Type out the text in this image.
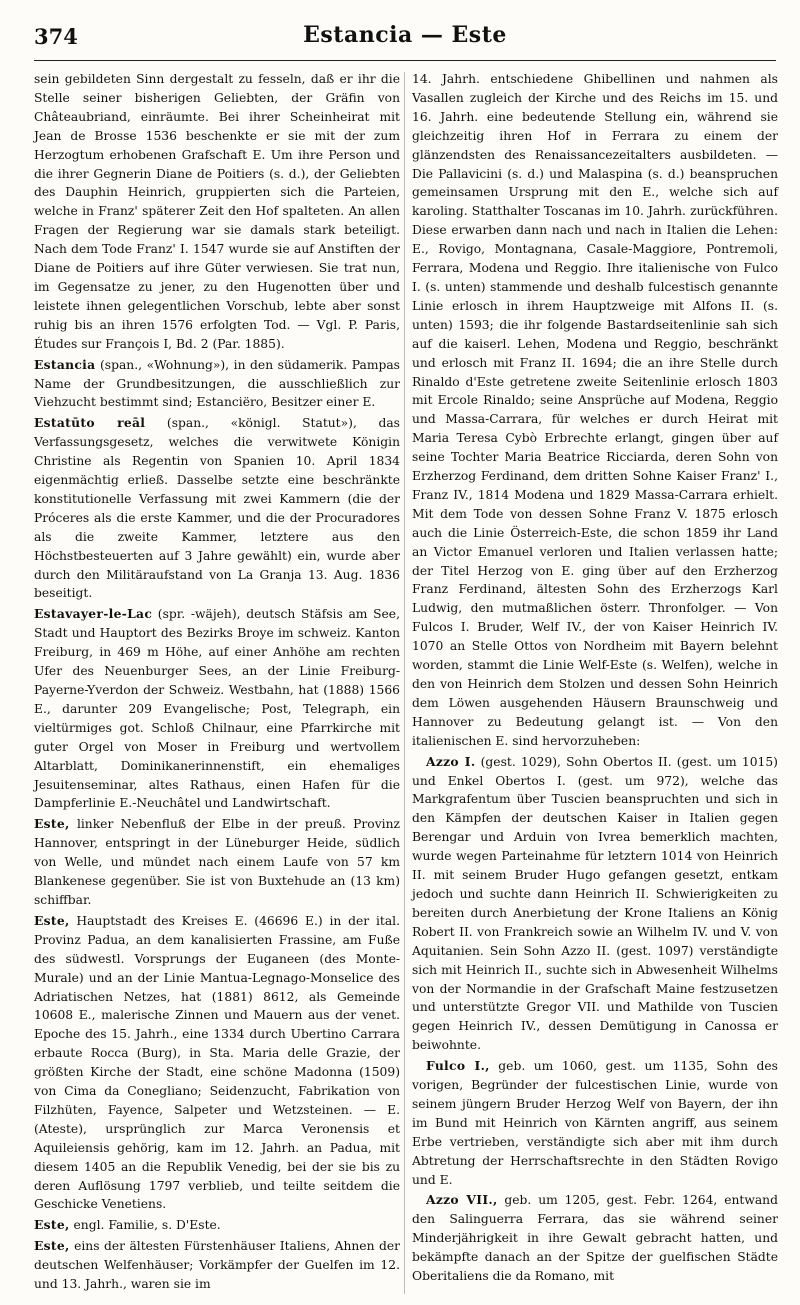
374	Estancia — Este

sein gebildeten Sinn dergestalt zu fesseln, daß er ihr die Stelle seiner bisherigen Geliebten, der Gräfin von Châteaubriand, einräumte. Bei ihrer Scheinheirat mit Jean de Brosse 1536 beschenkte er sie mit der zum Herzogtum erhobenen Grafschaft E. Um ihre Person und die ihrer Gegnerin Diane de Poitiers (s. d.), der Geliebten des Dauphin Heinrich, gruppierten sich die Parteien, welche in Franz' späterer Zeit den Hof spalteten. An allen Fragen der Regierung war sie damals stark beteiligt. Nach dem Tode Franz' I. 1547 wurde sie auf Anstiften der Diane de Poitiers auf ihre Güter verwiesen. Sie trat nun, im Gegensatze zu jener, zu den Hugenotten über und leistete ihnen gelegentlichen Vorschub, lebte aber sonst ruhig bis an ihren 1576 erfolgten Tod. — Vgl. P. Paris, Études sur François I, Bd. 2 (Par. 1885).

Estancia (span., «Wohnung»), in den südamerik. Pampas Name der Grundbesitzungen, die ausschließlich zur Viehzucht bestimmt sind; Estanciëro, Besitzer einer E.

Estatūto reāl (span., «königl. Statut»), das Verfassungsgesetz, welches die verwitwete Königin Christine als Regentin von Spanien 10. April 1834 eigenmächtig erließ. Dasselbe setzte eine beschränkte konstitutionelle Verfassung mit zwei Kammern (die der Próceres als die erste Kammer, und die der Procuradores als die zweite Kammer, letztere aus den Höchstbesteuerten auf 3 Jahre gewählt) ein, wurde aber durch den Militäraufstand von La Granja 13. Aug. 1836 beseitigt.

Estavayer-le-Lac (spr. -wäjeh), deutsch Stäfsis am See, Stadt und Hauptort des Bezirks Broye im schweiz. Kanton Freiburg, in 469 m Höhe, auf einer Anhöhe am rechten Ufer des Neuenburger Sees, an der Linie Freiburg-Payerne-Yverdon der Schweiz. Westbahn, hat (1888) 1566 E., darunter 209 Evangelische; Post, Telegraph, ein vieltürmiges got. Schloß Chilnaur, eine Pfarrkirche mit guter Orgel von Moser in Freiburg und wertvollem Altarblatt, Dominikanerinnenstift, ein ehemaliges Jesuitenseminar, altes Rathaus, einen Hafen für die Dampferlinie E.-Neuchâtel und Landwirtschaft.

Este, linker Nebenfluß der Elbe in der preuß. Provinz Hannover, entspringt in der Lüneburger Heide, südlich von Welle, und mündet nach einem Laufe von 57 km Blankenese gegenüber. Sie ist von Buxtehude an (13 km) schiffbar.

Este, Hauptstadt des Kreises E. (46696 E.) in der ital. Provinz Padua, an dem kanalisierten Frassine, am Fuße des südwestl. Vorsprungs der Euganeen (des Monte-Murale) und an der Linie Mantua-Legnago-Monselice des Adriatischen Netzes, hat (1881) 8612, als Gemeinde 10608 E., malerische Zinnen und Mauern aus der venet. Epoche des 15. Jahrh., eine 1334 durch Ubertino Carrara erbaute Rocca (Burg), in Sta. Maria delle Grazie, der größten Kirche der Stadt, eine schöne Madonna (1509) von Cima da Conegliano; Seidenzucht, Fabrikation von Filzhüten, Fayence, Salpeter und Wetzsteinen. — E. (Ateste), ursprünglich zur Marca Veronensis et Aquileiensis gehörig, kam im 12. Jahrh. an Padua, mit diesem 1405 an die Republik Venedig, bei der sie bis zu deren Auflösung 1797 verblieb, und teilte seitdem die Geschicke Venetiens.

Este, engl. Familie, s. D'Este.

Este, eins der ältesten Fürstenhäuser Italiens, Ahnen der deutschen Welfenhäuser; Vorkämpfer der Guelfen im 12. und 13. Jahrh., waren sie im

14. Jahrh. entschiedene Ghibellinen und nahmen als Vasallen zugleich der Kirche und des Reichs im 15. und 16. Jahrh. eine bedeutende Stellung ein, während sie gleichzeitig ihren Hof in Ferrara zu einem der glänzendsten des Renaissancezeitalters ausbildeten. — Die Pallavicini (s. d.) und Malaspina (s. d.) beanspruchen gemeinsamen Ursprung mit den E., welche sich auf karoling. Statthalter Toscanas im 10. Jahrh. zurückführen. Diese erwarben dann nach und nach in Italien die Lehen: E., Rovigo, Montagnana, Casale-Maggiore, Pontremoli, Ferrara, Modena und Reggio. Ihre italienische von Fulco I. (s. unten) stammende und deshalb fulcestisch genannte Linie erlosch in ihrem Hauptzweige mit Alfons II. (s. unten) 1593; die ihr folgende Bastardseitenlinie sah sich auf die kaiserl. Lehen, Modena und Reggio, beschränkt und erlosch mit Franz II. 1694; die an ihre Stelle durch Rinaldo d'Este getretene zweite Seitenlinie erlosch 1803 mit Ercole Rinaldo; seine Ansprüche auf Modena, Reggio und Massa-Carrara, für welches er durch Heirat mit Maria Teresa Cybò Erbrechte erlangt, gingen über auf seine Tochter Maria Beatrice Ricciarda, deren Sohn von Erzherzog Ferdinand, dem dritten Sohne Kaiser Franz' I., Franz IV., 1814 Modena und 1829 Massa-Carrara erhielt. Mit dem Tode von dessen Sohne Franz V. 1875 erlosch auch die Linie Österreich-Este, die schon 1859 ihr Land an Victor Emanuel verloren und Italien verlassen hatte; der Titel Herzog von E. ging über auf den Erzherzog Franz Ferdinand, ältesten Sohn des Erzherzogs Karl Ludwig, den mutmaßlichen österr. Thronfolger. — Von Fulcos I. Bruder, Welf IV., der von Kaiser Heinrich IV. 1070 an Stelle Ottos von Nordheim mit Bayern belehnt worden, stammt die Linie Welf-Este (s. Welfen), welche in den von Heinrich dem Stolzen und dessen Sohn Heinrich dem Löwen ausgehenden Häusern Braunschweig und Hannover zu Bedeutung gelangt ist. — Von den italienischen E. sind hervorzuheben:

Azzo I. (gest. 1029), Sohn Obertos II. (gest. um 1015) und Enkel Obertos I. (gest. um 972), welche das Markgrafentum über Tuscien beanspruchten und sich in den Kämpfen der deutschen Kaiser in Italien gegen Berengar und Arduin von Ivrea bemerklich machten, wurde wegen Parteinahme für letztern 1014 von Heinrich II. mit seinem Bruder Hugo gefangen gesetzt, entkam jedoch und suchte dann Heinrich II. Schwierigkeiten zu bereiten durch Anerbietung der Krone Italiens an König Robert II. von Frankreich sowie an Wilhelm IV. und V. von Aquitanien. Sein Sohn Azzo II. (gest. 1097) verständigte sich mit Heinrich II., suchte sich in Abwesenheit Wilhelms von der Normandie in der Grafschaft Maine festzusetzen und unterstützte Gregor VII. und Mathilde von Tuscien gegen Heinrich IV., dessen Demütigung in Canossa er beiwohnte.

Fulco I., geb. um 1060, gest. um 1135, Sohn des vorigen, Begründer der fulcestischen Linie, wurde von seinem jüngern Bruder Herzog Welf von Bayern, der ihn im Bund mit Heinrich von Kärnten angriff, aus seinem Erbe vertrieben, verständigte sich aber mit ihm durch Abtretung der Herrschaftsrechte in den Städten Rovigo und E.

Azzo VII., geb. um 1205, gest. Febr. 1264, entwand den Salinguerra Ferrara, das sie während seiner Minderjährigkeit in ihre Gewalt gebracht hatten, und bekämpfte danach an der Spitze der guelfischen Städte Oberitaliens die da Romano, mit
